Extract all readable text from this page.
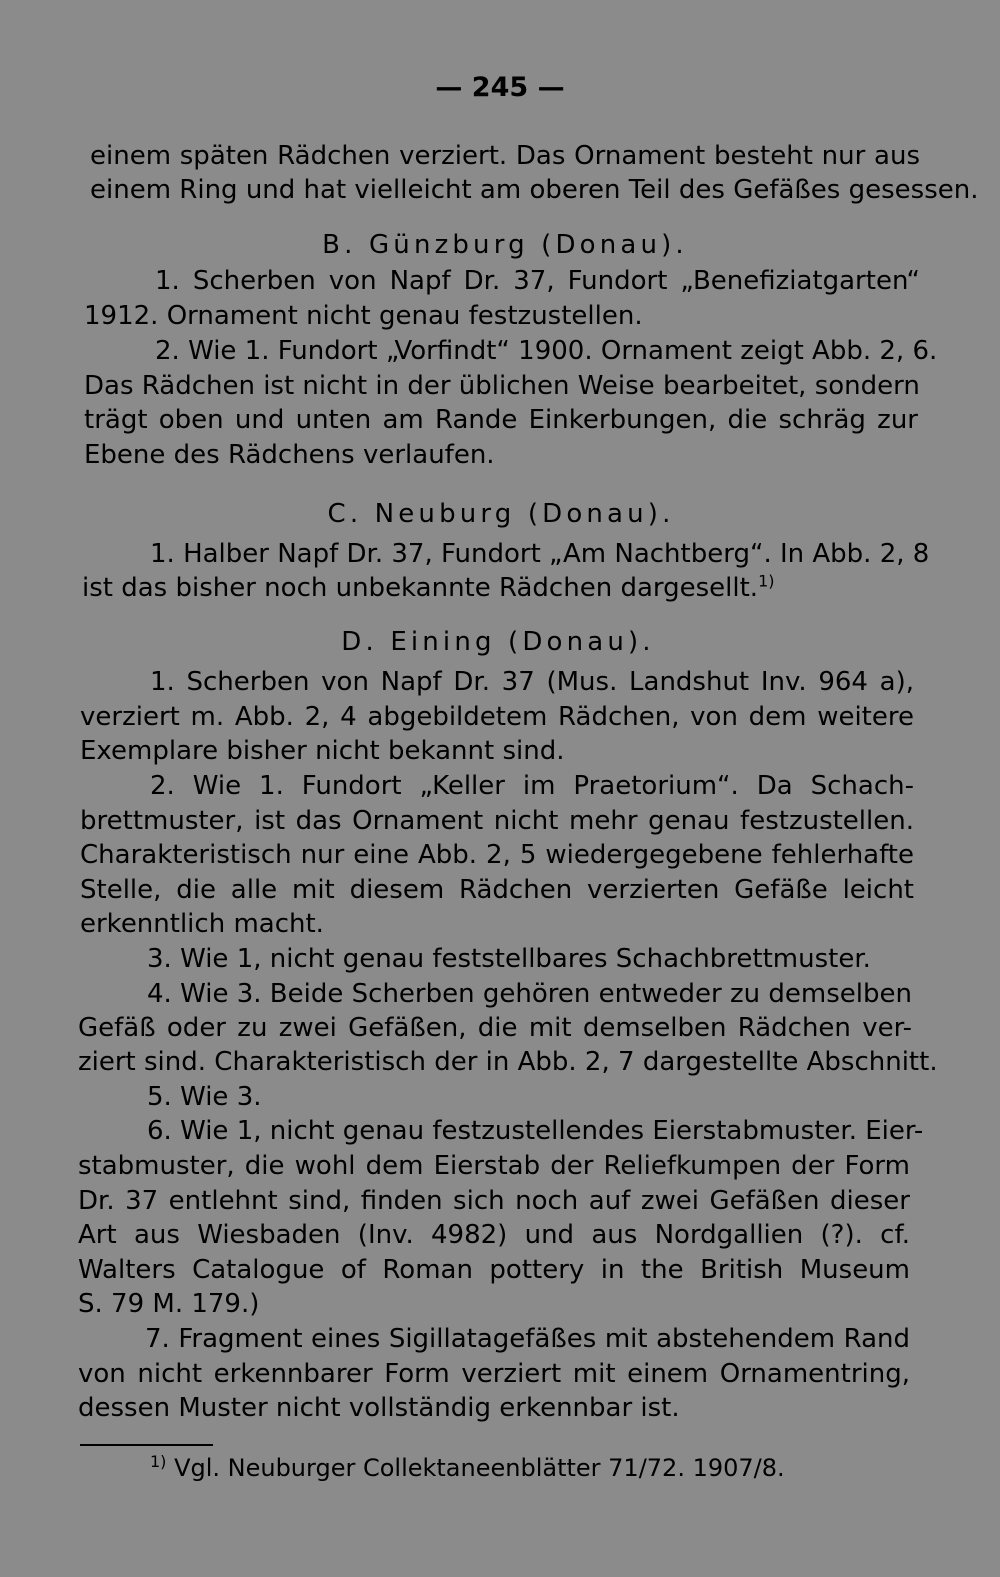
— 245 —
einem späten Rädchen verziert. Das Ornament besteht nur aus
einem Ring und hat vielleicht am oberen Teil des Gefäßes gesessen.
B. Günzburg (Donau).
1. Scherben von Napf Dr. 37, Fundort „Benefiziatgarten“
1912. Ornament nicht genau festzustellen.
2. Wie 1. Fundort „Vorfindt“ 1900. Ornament zeigt Abb. 2, 6.
Das Rädchen ist nicht in der üblichen Weise bearbeitet, sondern
trägt oben und unten am Rande Einkerbungen, die schräg zur
Ebene des Rädchens verlaufen.
C. Neuburg (Donau).
1. Halber Napf Dr. 37, Fundort „Am Nachtberg“. In Abb. 2, 8
ist das bisher noch unbekannte Rädchen dargesellt.$^{1)}$
D. Eining (Donau).
1. Scherben von Napf Dr. 37 (Mus. Landshut Inv. 964 a),
verziert m. Abb. 2, 4 abgebildetem Rädchen, von dem weitere
Exemplare bisher nicht bekannt sind.
2. Wie 1. Fundort „Keller im Praetorium“. Da Schach-
brettmuster, ist das Ornament nicht mehr genau festzustellen.
Charakteristisch nur eine Abb. 2, 5 wiedergegebene fehlerhafte
Stelle, die alle mit diesem Rädchen verzierten Gefäße leicht
erkenntlich macht.
3. Wie 1, nicht genau feststellbares Schachbrettmuster.
4. Wie 3. Beide Scherben gehören entweder zu demselben
Gefäß oder zu zwei Gefäßen, die mit demselben Rädchen ver-
ziert sind. Charakteristisch der in Abb. 2, 7 dargestellte Abschnitt.
5. Wie 3.
6. Wie 1, nicht genau festzustellendes Eierstabmuster. Eier-
stabmuster, die wohl dem Eierstab der Reliefkumpen der Form
Dr. 37 entlehnt sind, finden sich noch auf zwei Gefäßen dieser
Art aus Wiesbaden (Inv. 4982) und aus Nordgallien (?). cf.
Walters Catalogue of Roman pottery in the British Museum
S. 79 M. 179.)
7. Fragment eines Sigillatagefäßes mit abstehendem Rand
von nicht erkennbarer Form verziert mit einem Ornamentring,
dessen Muster nicht vollständig erkennbar ist.
$^{1)}$ Vgl. Neuburger Collektaneenblätter 71/72. 1907/8.
